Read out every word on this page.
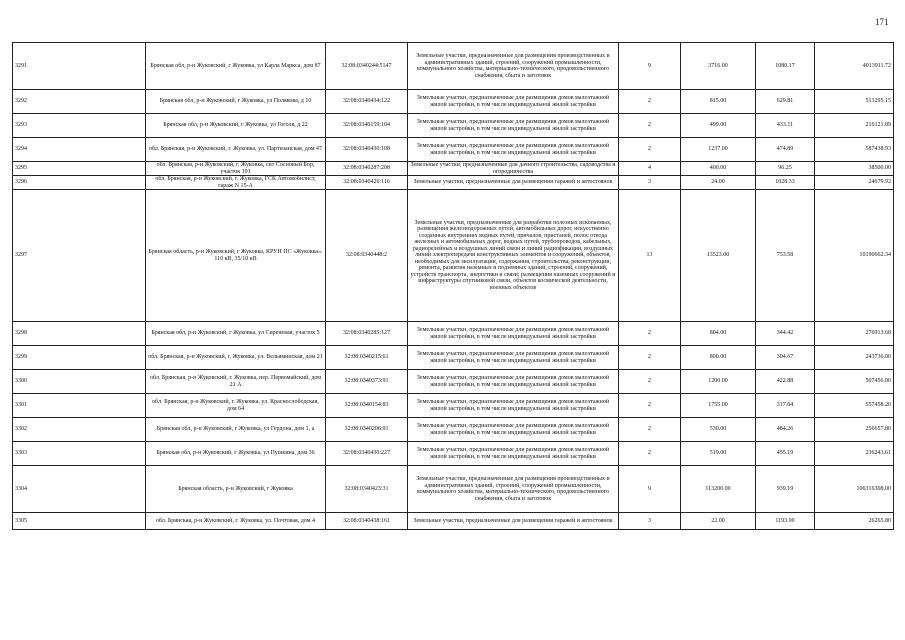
171
3291	Брянская обл, р-н Жуковский, г Жуковка, ул Карла Маркса, дом 87	32:08:0340244:5147	Земельные участки, предназначенные для размещения производственных и административных зданий, строений, сооружений промышленности, коммунального хозяйства, материально-технического, продовольственного снабжения, сбыта и заготовок	9	3716.00	1080.17	4013911.72
3292	Брянская обл, р-н Жуковский, г Жуковка, ул Полякова, д 10	32:08:0340434:122	Земельные участки, предназначенные для размещения домов малоэтажной жилой застройки, в том числе индивидуальной жилой застройки	2	815.00	629.81	513295.15
3293	Брянская обл, р-н Жуковский, г Жуковка, ул Гоголя, д 22	32:08:0340159:104	Земельные участки, предназначенные для размещения домов малоэтажной жилой застройки, в том числе индивидуальной жилой застройки	2	499.00	433.11	216121.89
3294	обл. Брянская, р-н Жуковский, г. Жуковка, ул. Партизанская, дом 47	32:08:0340430:108	Земельные участки, предназначенные для размещения домов малоэтажной жилой застройки, в том числе индивидуальной жилой застройки	2	1237.00	474.89	587438.93
3295	обл. Брянская, р-н Жуковский, г. Жуковка, снт Сосновый Бор, участок 191	32:08:0340287:208	Земельные участки, предназначенные для дачного строительства, садоводства и огородничества	4	400.00	96.25	38500.00
3296	обл. Брянская, р-н Жуковский, г. Жуковка, ГСК Автомобилист, гараж N 15-А	32:08:0340426:116	Земельные участки, предназначенные для размещения гаражей и автостоянок	3	24.00	1028.33	24679.92
3297	Брянская область, р-н Жуковский, г Жуковка, КРУН ПС «Жуковка». 110 кВ, 35/10 кВ	32:08:0340448:2	Земельные участки, предназначенные для разработки полезных ископаемых, размещения железнодорожных путей, автомобильных дорог, искусственно созданных внутренних водных путей, причалов, пристаней, полос отвода железных и автомобильных дорог, водных путей, трубопроводов, кабельных, радиорелейных и воздушных линий связи и линий радиофикации, воздушных линий электропередачи конструктивных элементов и сооружений, объектов, необходимых для эксплуатации, содержания, строительства, реконструкции, ремонта, развития наземных и подземных зданий, строений, сооружений, устройств транспорта, энергетики и связи; размещения наземных сооружений и инфраструктуры спутниковой связи, объектов космической деятельности, военных объектов	13	13523.00	753.58	10190662.34
3298	Брянская обл, р-н Жуковский, г Жуковка, ул Сиреневая, участок 5	32:08:0340285:127	Земельные участки, предназначенные для размещения домов малоэтажной жилой застройки, в том числе индивидуальной жилой застройки	2	804.00	344.42	276913.68
3299	обл. Брянская, р-н Жуковский, г. Жуковка, ул. Вельяминская, дом 21	32:08:0340215:61	Земельные участки, предназначенные для размещения домов малоэтажной жилой застройки, в том числе индивидуальной жилой застройки	2	800.00	304.67	243736.00
3300	обл. Брянская, р-н Жуковский, г. Жуковка, пер. Первомайский, дом 21 А	32:08:0340373:91	Земельные участки, предназначенные для размещения домов малоэтажной жилой застройки, в том числе индивидуальной жилой застройки	2	1200.00	422.88	507456.00
3301	обл. Брянская, р-н Жуковский, г. Жуковка, ул. Краснослободская, дом 64	32:08:0340154:83	Земельные участки, предназначенные для размещения домов малоэтажной жилой застройки, в том числе индивидуальной жилой застройки	2	1755.00	317.64	557458.20
3302	Брянская обл, р-н Жуковский, г Жуковка, ул Гердона, дом 1, а	32:08:0340206:91	Земельные участки, предназначенные для размещения домов малоэтажной жилой застройки, в том числе индивидуальной жилой застройки	2	530.00	484.26	256657.80
3303	Брянская обл, р-н Жуковский, г Жуковка, ул Пушкина, дом 36	32:08:0340430:227	Земельные участки, предназначенные для размещения домов малоэтажной жилой застройки, в том числе индивидуальной жилой застройки	2	519.00	455.19	236243.61
3304	Брянская область, р-н Жуковский, г Жуковка	32:08:0340423:31	Земельные участки, предназначенные для размещения производственных и административных зданий, строений, сооружений промышленности, коммунального хозяйства, материально-технического, продовольственного снабжения, сбыта и заготовок	9	113200.00	939.19	106316308.00
3305	обл. Брянская, р-н Жуковский, г. Жуковка, ул. Почтовая, дом 4	32:08:0340438:161	Земельные участки, предназначенные для размещения гаражей и автостоянок	3	22.00	1193.90	26265.80
